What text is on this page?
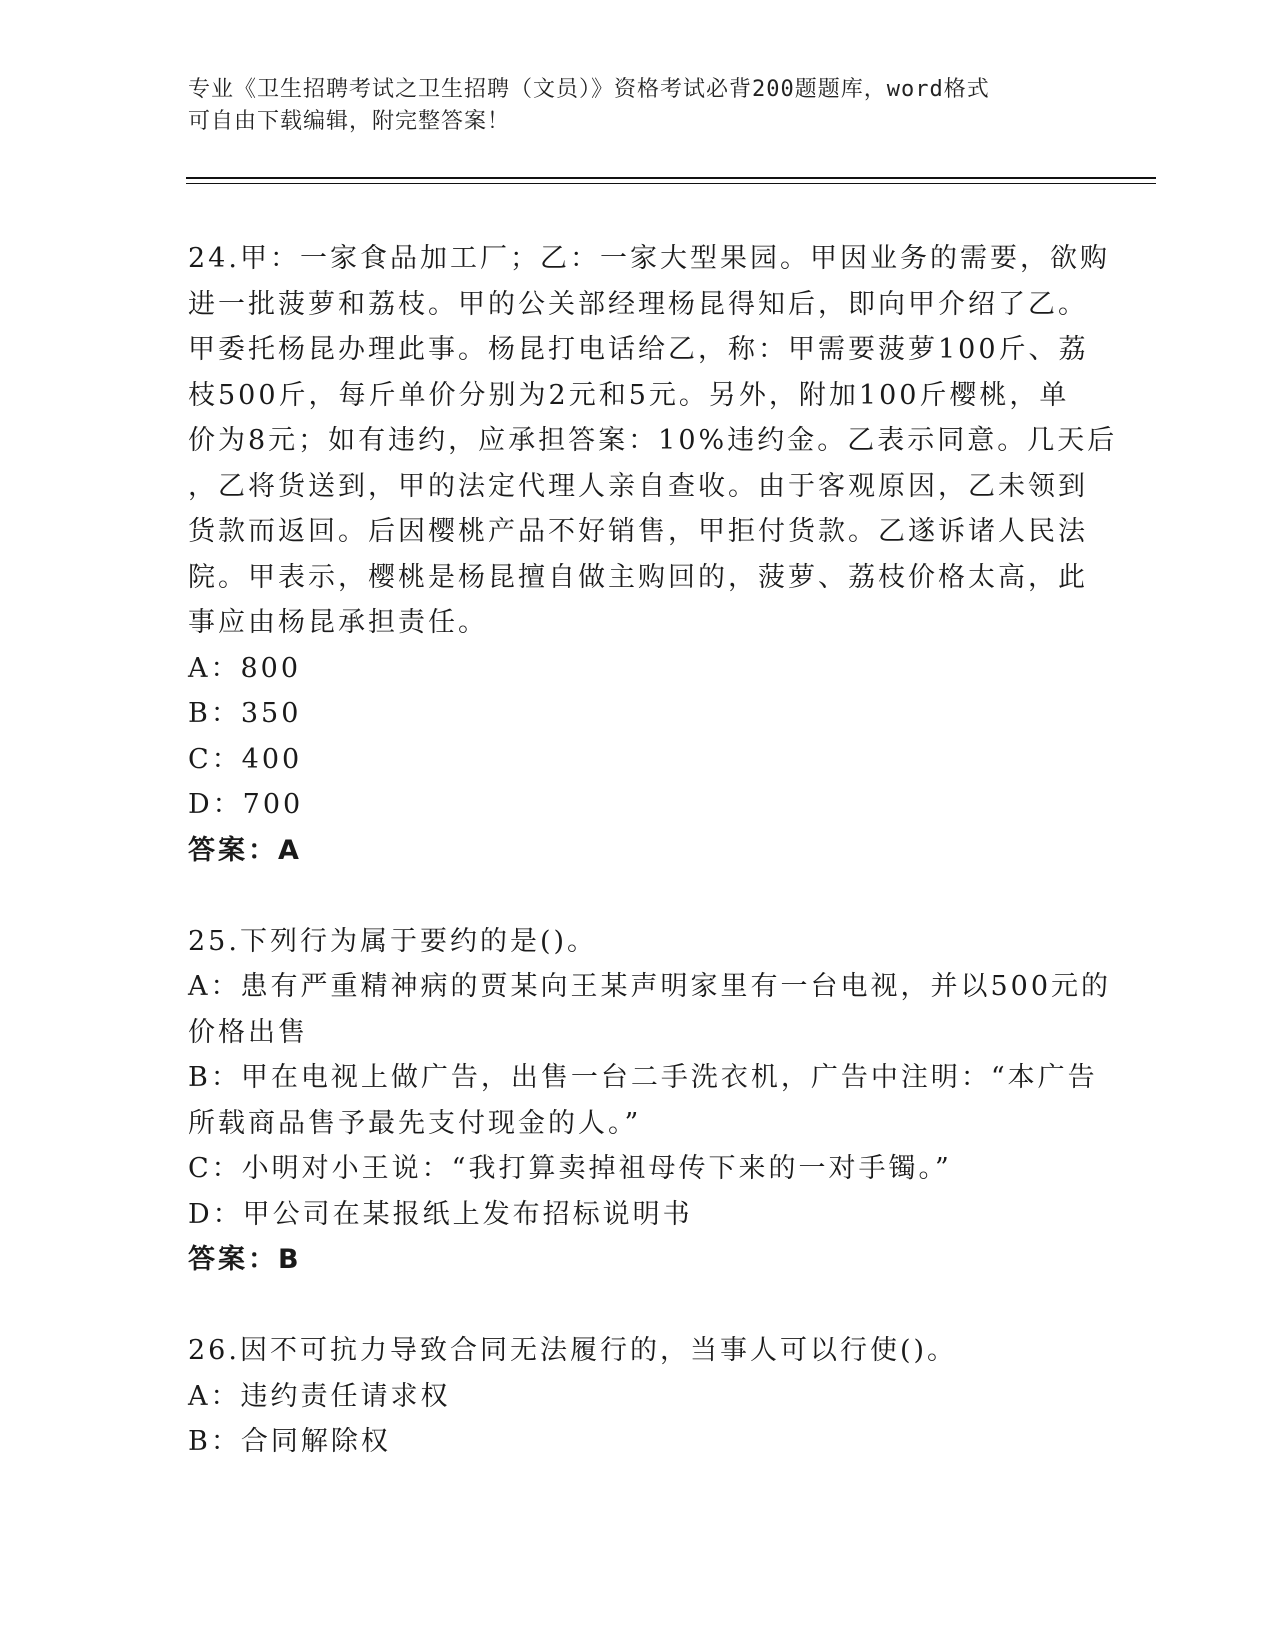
专业《卫生招聘考试之卫生招聘（文员）》资格考试必背200题题库，word格式
可自由下载编辑，附完整答案！
24.甲：一家食品加工厂；乙：一家大型果园。甲因业务的需要，欲购
进一批菠萝和荔枝。甲的公关部经理杨昆得知后，即向甲介绍了乙。
甲委托杨昆办理此事。杨昆打电话给乙，称：甲需要菠萝100斤、荔
枝500斤，每斤单价分别为2元和5元。另外，附加100斤樱桃，单
价为8元；如有违约，应承担答案：10%违约金。乙表示同意。几天后
，乙将货送到，甲的法定代理人亲自查收。由于客观原因，乙未领到
货款而返回。后因樱桃产品不好销售，甲拒付货款。乙遂诉诸人民法
院。甲表示，樱桃是杨昆擅自做主购回的，菠萝、荔枝价格太高，此
事应由杨昆承担责任。
A：800
B：350
C：400
D：700
答案：A
25.下列行为属于要约的是()。
A：患有严重精神病的贾某向王某声明家里有一台电视，并以500元的
价格出售
B：甲在电视上做广告，出售一台二手洗衣机，广告中注明：“本广告
所载商品售予最先支付现金的人。”
C：小明对小王说：“我打算卖掉祖母传下来的一对手镯。”
D：甲公司在某报纸上发布招标说明书
答案：B
26.因不可抗力导致合同无法履行的，当事人可以行使()。
A：违约责任请求权
B：合同解除权
